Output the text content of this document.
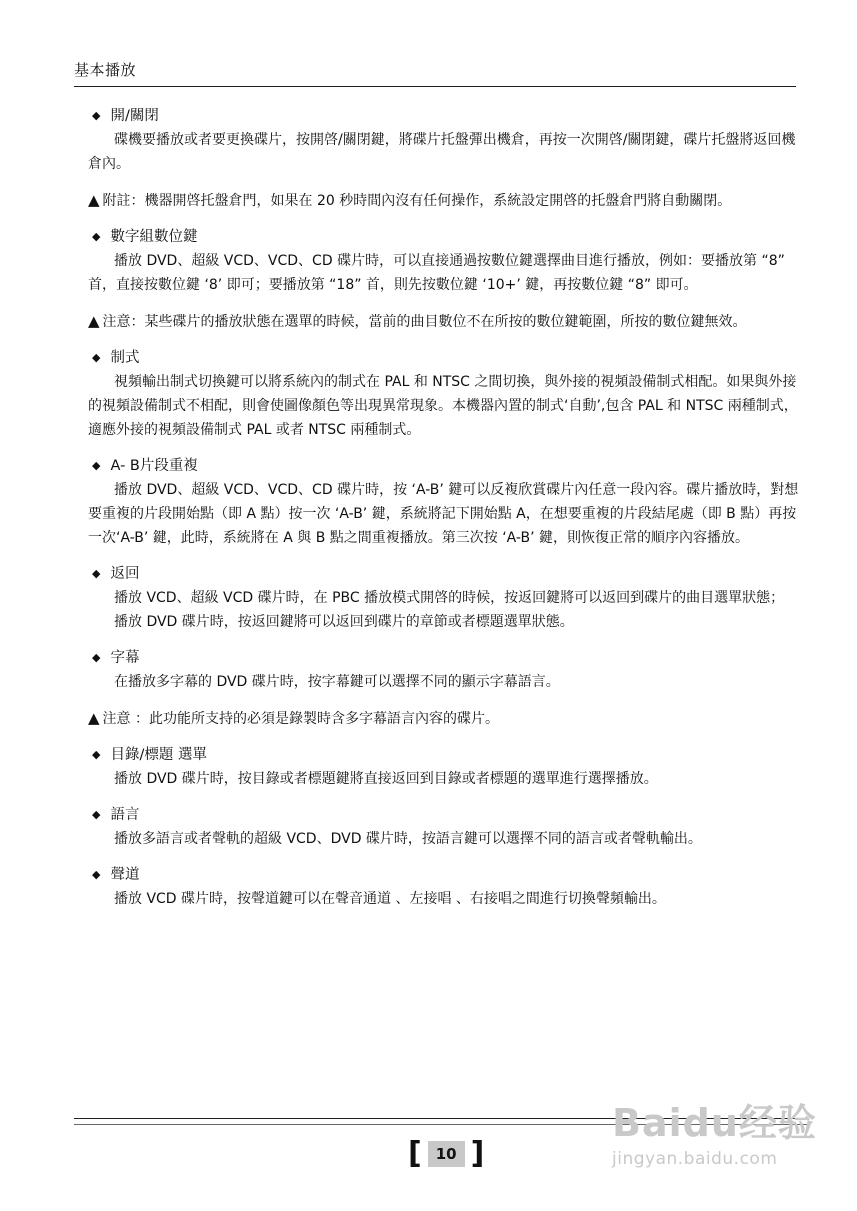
基本播放
◆ 開/關閉

碟機要播放或者要更換碟片，按開啓/關閉鍵，將碟片托盤彈出機倉，再按一次開啓/關閉鍵，碟片托盤將返回機倉內。

▲ 附註：機器開啓托盤倉門，如果在 20 秒時間內沒有任何操作，系統設定開啓的托盤倉門將自動關閉。
◆ 數字組數位鍵

播放 DVD、超級 VCD、VCD、CD 碟片時，可以直接通過按數位鍵選擇曲目進行播放，例如：要播放第 “8” 首，直接按數位鍵 ‘8’ 即可；要播放第 “18” 首，則先按數位鍵 ‘10+’ 鍵，再按數位鍵 “8” 即可。

▲ 注意：某些碟片的播放狀態在選單的時候，當前的曲目數位不在所按的數位鍵範圍，所按的數位鍵無效。
◆ 制式

視頻輸出制式切換鍵可以將系統內的制式在 PAL 和 NTSC 之間切換，與外接的視頻設備制式相配。如果與外接的視頻設備制式不相配，則會使圖像顏色等出現異常現象。本機器內置的制式‘自動’,包含 PAL 和 NTSC 兩種制式，適應外接的視頻設備制式 PAL 或者 NTSC 兩種制式。

◆ A- B片段重複

播放 DVD、超級 VCD、VCD、CD 碟片時，按 ‘A-B’ 鍵可以反複欣賞碟片內任意一段內容。碟片播放時，對想要重複的片段開始點（即 A 點）按一次 ‘A-B’ 鍵，系統將記下開始點 A，在想要重複的片段結尾處（即 B 點）再按一次‘A-B’ 鍵，此時，系統將在 A 與 B 點之間重複播放。第三次按 ‘A-B’ 鍵，則恢復正常的順序內容播放。

◆ 返回

播放 VCD、超級 VCD 碟片時，在 PBC 播放模式開啓的時候，按返回鍵將可以返回到碟片的曲目選單狀態；

播放 DVD 碟片時，按返回鍵將可以返回到碟片的章節或者標題選單狀態。

◆ 字幕

在播放多字幕的 DVD 碟片時，按字幕鍵可以選擇不同的顯示字幕語言。

▲ 注意 ：此功能所支持的必須是錄製時含多字幕語言內容的碟片。
◆ 目錄/標題 選單

播放 DVD 碟片時，按目錄或者標題鍵將直接返回到目錄或者標題的選單進行選擇播放。

◆ 語言

播放多語言或者聲軌的超級 VCD、DVD 碟片時，按語言鍵可以選擇不同的語言或者聲軌輸出。

◆ 聲道

播放 VCD 碟片時，按聲道鍵可以在聲音通道 、左接唱 、右接唱之間進行切換聲頻輸出。

[ 10 ]
Baidu经验
jingyan.baidu.com
